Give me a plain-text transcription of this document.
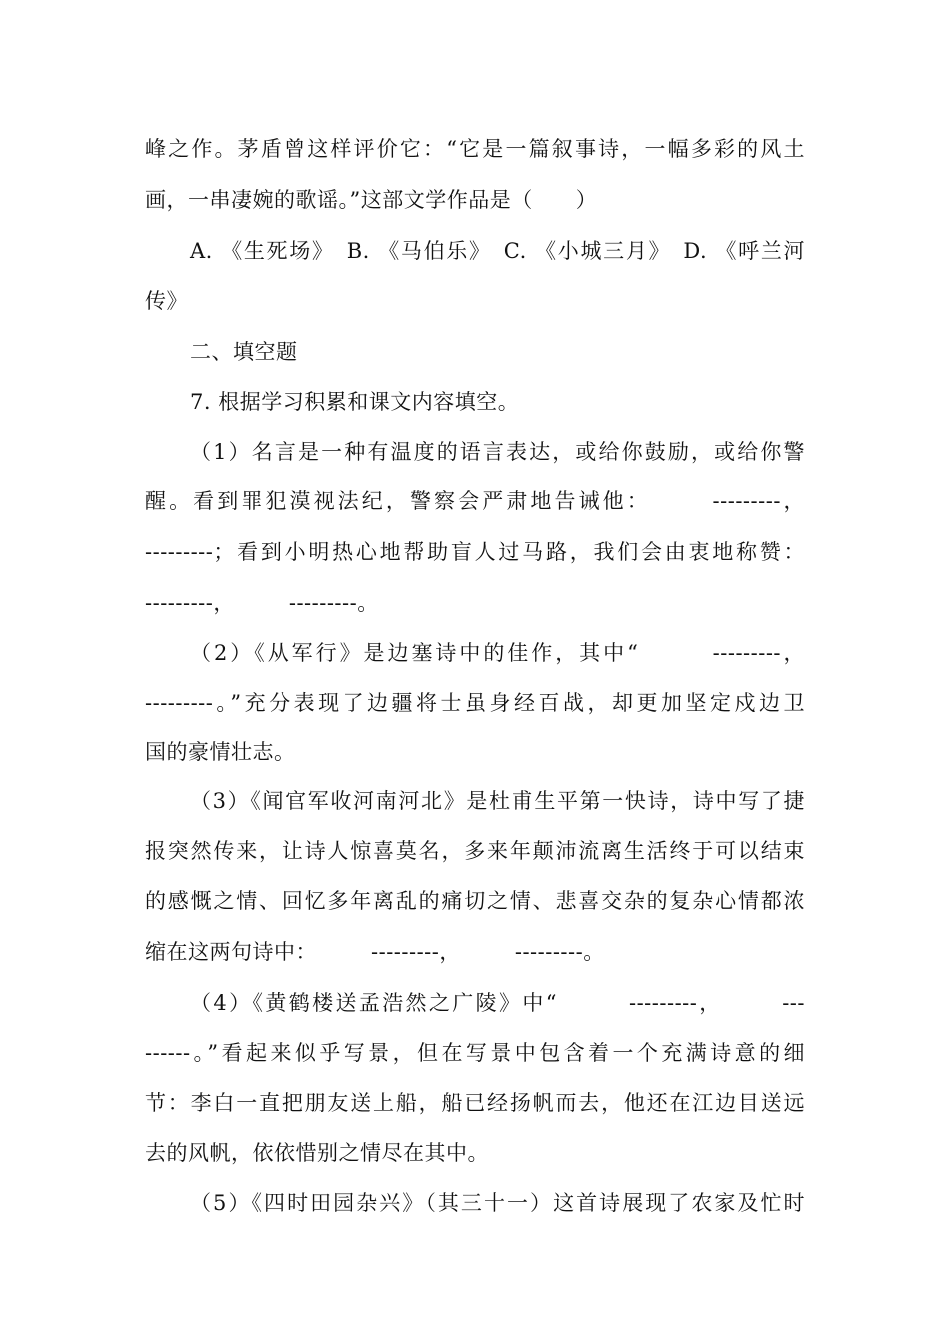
峰之作。茅盾曾这样评价它：“它是一篇叙事诗，一幅多彩的风土
画，一串凄婉的歌谣。”这部文学作品是（　　）
A. 《生死场》　B. 《马伯乐》　C. 《小城三月》　D. 《呼兰河
传》
二、填空题
7. 根据学习积累和课文内容填空。
（1）名言是一种有温度的语言表达，或给你鼓励，或给你警
醒。看到罪犯漠视法纪，警察会严肃地告诫他：　　　---------，
---------；看到小明热心地帮助盲人过马路，我们会由衷地称赞：
---------，　　　---------。
（2）《从军行》是边塞诗中的佳作，其中“　　　---------，
---------。”充分表现了边疆将士虽身经百战，却更加坚定戍边卫
国的豪情壮志。
（3）《闻官军收河南河北》是杜甫生平第一快诗，诗中写了捷
报突然传来，让诗人惊喜莫名，多来年颠沛流离生活终于可以结束
的感慨之情、回忆多年离乱的痛切之情、悲喜交杂的复杂心情都浓
缩在这两句诗中：　　　---------，　　　---------。
（4）《黄鹤楼送孟浩然之广陵》中“　　　---------，　　　---
------。”看起来似乎写景，但在写景中包含着一个充满诗意的细
节：李白一直把朋友送上船，船已经扬帆而去，他还在江边目送远
去的风帆，依依惜别之情尽在其中。
（5）《四时田园杂兴》（其三十一）这首诗展现了农家及忙时
